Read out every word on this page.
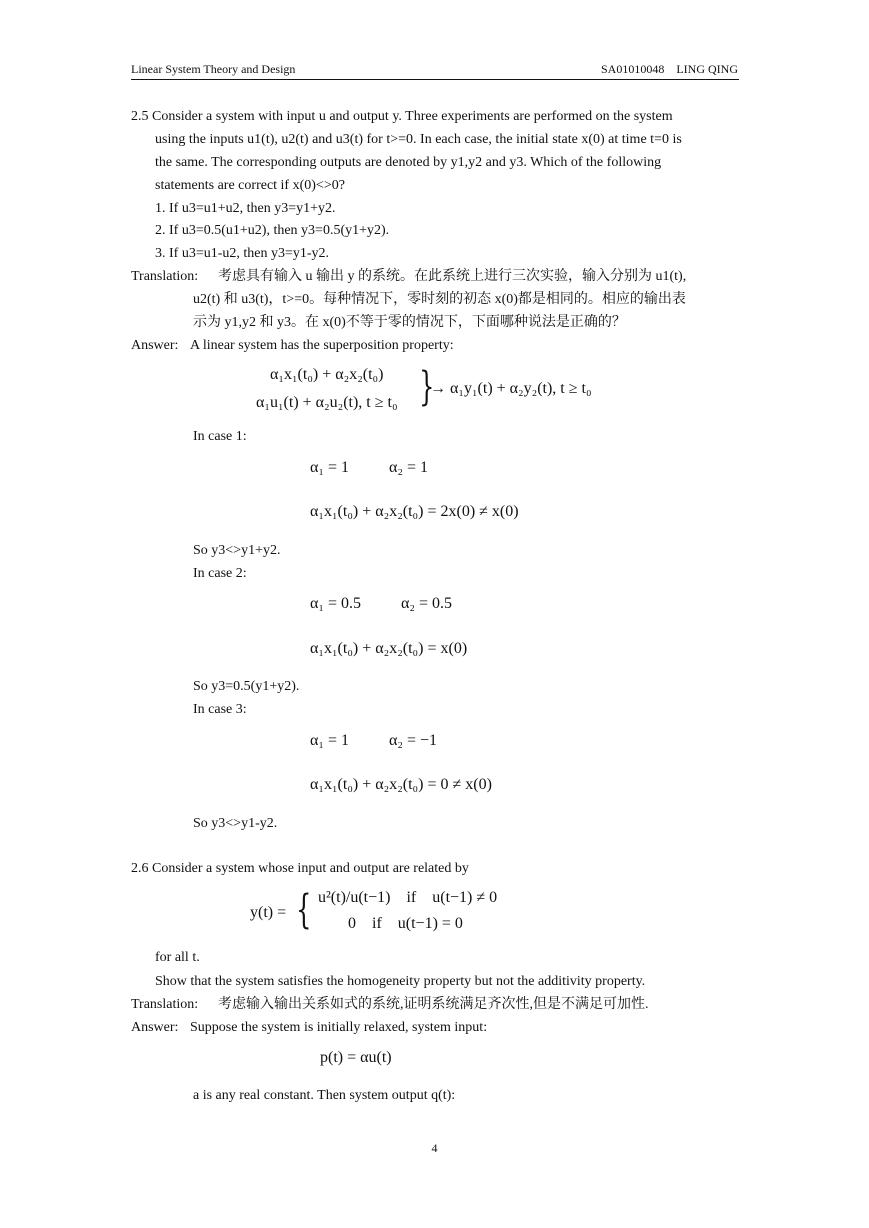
Linear System Theory and Design	SA01010048    LING QING
2.5 Consider a system with input u and output y. Three experiments are performed on the system
using the inputs u1(t), u2(t) and u3(t) for t>=0. In each case, the initial state x(0) at time t=0 is
the same. The corresponding outputs are denoted by y1,y2 and y3. Which of the following
statements are correct if x(0)<>0?
1. If u3=u1+u2, then y3=y1+y2.
2. If u3=0.5(u1+u2), then y3=0.5(y1+y2).
3. If u3=u1-u2, then y3=y1-y2.
Translation: 考虑具有输入 u 输出 y 的系统。在此系统上进行三次实验，输入分别为 u1(t),
u2(t) 和 u3(t)，t>=0。每种情况下，零时刻的初态 x(0)都是相同的。相应的输出表
示为 y1,y2 和 y3。在 x(0)不等于零的情况下，下面哪种说法是正确的？
Answer: A linear system has the superposition property:
α₁x₁(t₀) + α₂x₂(t₀)
α₁u₁(t) + α₂u₂(t), t ≥ t₀ }
→ α₁y₁(t) + α₂y₂(t), t ≥ t₀
In case 1:
α₁ = 1          α₂ = 1
α₁x₁(t₀) + α₂x₂(t₀) = 2x(0) ≠ x(0)
So y3<>y1+y2.
In case 2:
α₁ = 0.5          α₂ = 0.5
α₁x₁(t₀) + α₂x₂(t₀) = x(0)
So y3=0.5(y1+y2).
In case 3:
α₁ = 1          α₂ = −1
α₁x₁(t₀) + α₂x₂(t₀) = 0 ≠ x(0)
So y3<>y1-y2.
2.6 Consider a system whose input and output are related by
y(t) = { u²(t)/u(t−1)    if    u(t−1) ≠ 0
0    if    u(t−1) = 0
for all t.
Show that the system satisfies the homogeneity property but not the additivity property.
Translation: 考虑输入输出关系如式的系统,证明系统满足齐次性,但是不满足可加性.
Answer: Suppose the system is initially relaxed, system input:
p(t) = αu(t)
a is any real constant. Then system output q(t):
4
